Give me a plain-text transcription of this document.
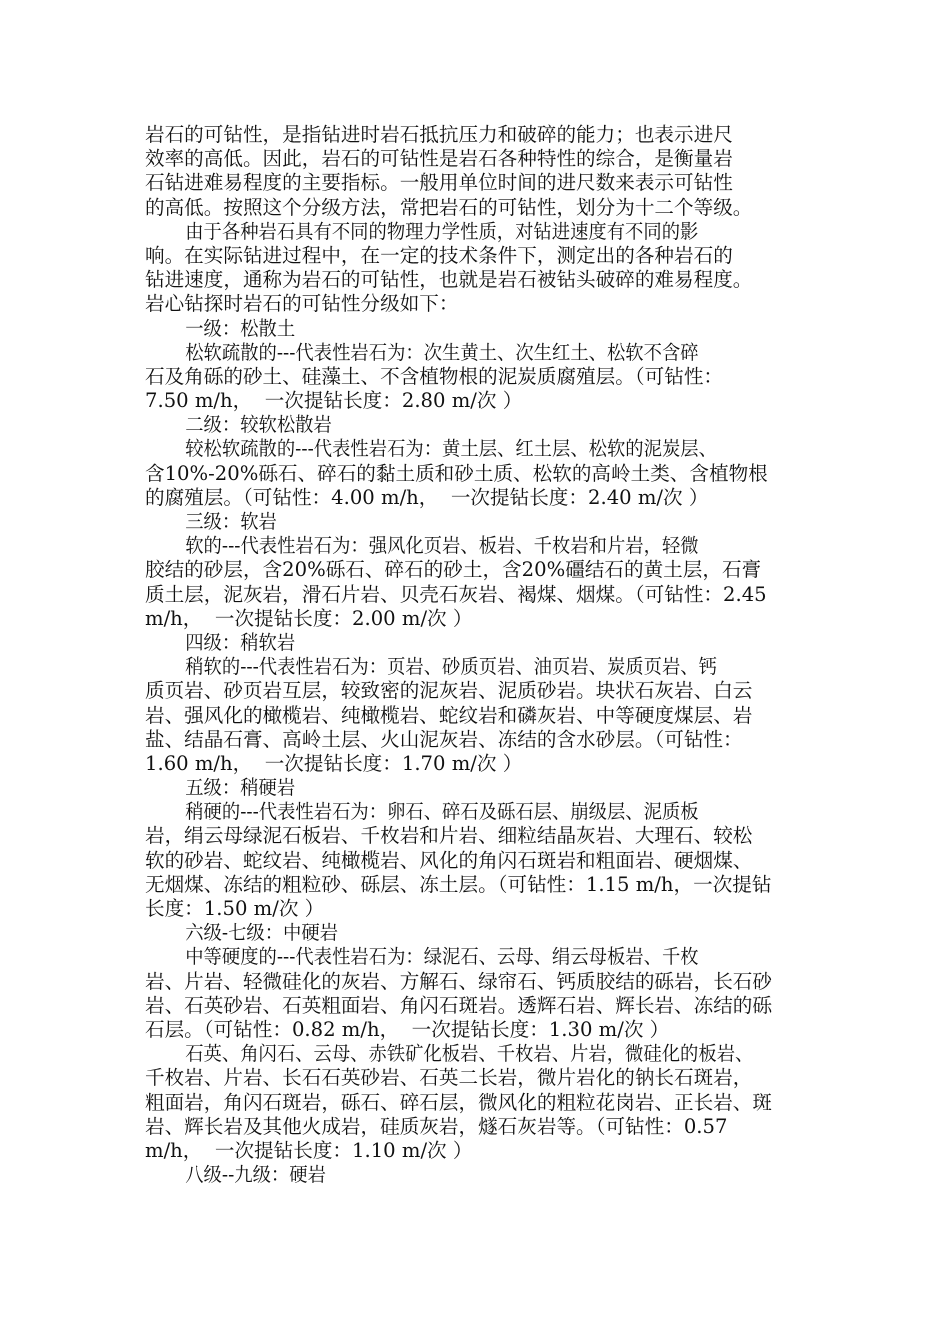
岩石的可钻性，是指钻进时岩石抵抗压力和破碎的能力；也表示进尺
效率的高低。因此，岩石的可钻性是岩石各种特性的综合，是衡量岩
石钻进难易程度的主要指标。一般用单位时间的进尺数来表示可钻性
的高低。按照这个分级方法，常把岩石的可钻性，划分为十二个等级。
由于各种岩石具有不同的物理力学性质，对钻进速度有不同的影
响。在实际钻进过程中，在一定的技术条件下，测定出的各种岩石的
钻进速度，通称为岩石的可钻性，也就是岩石被钻头破碎的难易程度。
岩心钻探时岩石的可钻性分级如下：
一级：松散土
松软疏散的---代表性岩石为：次生黄土、次生红土、松软不含碎
石及角砾的砂土、硅藻土、不含植物根的泥炭质腐殖层。（可钻性：
7.50 m/h，  一次提钻长度：2.80 m/次 ）
二级：较软松散岩
较松软疏散的---代表性岩石为：黄土层、红土层、松软的泥炭层、
含10%-20%砾石、碎石的黏土质和砂土质、松软的高岭土类、含植物根
的腐殖层。（可钻性：4.00 m/h，  一次提钻长度：2.40 m/次 ）
三级：软岩
软的---代表性岩石为：强风化页岩、板岩、千枚岩和片岩，轻微
胶结的砂层，含20%砾石、碎石的砂土，含20%礓结石的黄土层，石膏
质土层，泥灰岩，滑石片岩、贝壳石灰岩、褐煤、烟煤。（可钻性：2.45
m/h，  一次提钻长度：2.00 m/次 ）
四级：稍软岩
稍软的---代表性岩石为：页岩、砂质页岩、油页岩、炭质页岩、钙
质页岩、砂页岩互层，较致密的泥灰岩、泥质砂岩。块状石灰岩、白云
岩、强风化的橄榄岩、纯橄榄岩、蛇纹岩和磷灰岩、中等硬度煤层、岩
盐、结晶石膏、高岭土层、火山泥灰岩、冻结的含水砂层。（可钻性：
1.60 m/h，  一次提钻长度：1.70 m/次 ）
五级：稍硬岩
稍硬的---代表性岩石为：卵石、碎石及砾石层、崩级层、泥质板
岩，绢云母绿泥石板岩、千枚岩和片岩、细粒结晶灰岩、大理石、较松
软的砂岩、蛇纹岩、纯橄榄岩、风化的角闪石斑岩和粗面岩、硬烟煤、
无烟煤、冻结的粗粒砂、砾层、冻土层。（可钻性：1.15 m/h，一次提钻
长度：1.50 m/次 ）
六级-七级：中硬岩
中等硬度的---代表性岩石为：绿泥石、云母、绢云母板岩、千枚
岩、片岩、轻微硅化的灰岩、方解石、绿帘石、钙质胶结的砾岩，长石砂
岩、石英砂岩、石英粗面岩、角闪石斑岩。透辉石岩、辉长岩、冻结的砾
石层。（可钻性：0.82 m/h，  一次提钻长度：1.30 m/次 ）
石英、角闪石、云母、赤铁矿化板岩、千枚岩、片岩，微硅化的板岩、
千枚岩、片岩、长石石英砂岩、石英二长岩，微片岩化的钠长石斑岩，
粗面岩，角闪石斑岩，砾石、碎石层，微风化的粗粒花岗岩、正长岩、斑
岩、辉长岩及其他火成岩，硅质灰岩，燧石灰岩等。（可钻性：0.57
m/h，  一次提钻长度：1.10 m/次 ）
八级--九级：硬岩
